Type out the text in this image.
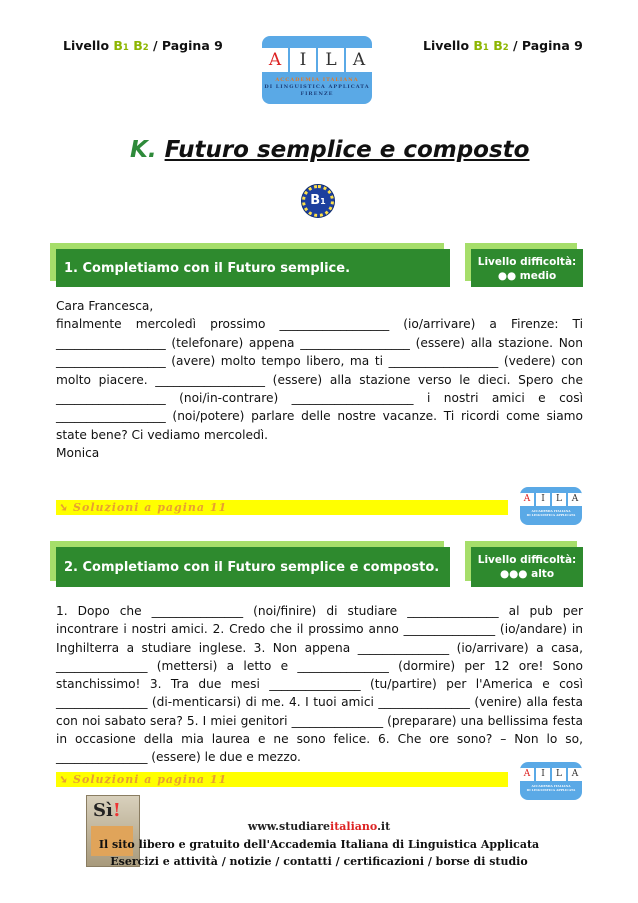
Livello B1 B2 / Pagina 9	Livello B1 B2 / Pagina 9
A	I	L A
ACCADEMIA ITALIANA
DI LINGUISTICA APPLICATA
FIRENZE
K. Futuro semplice e composto
B1
1. Completiamo con il Futuro semplice.	Livello difficoltà:
●● medio

Cara Francesca,
finalmente mercoledì prossimo __________________ (io/arrivare) a Firenze: Ti __________________ (telefonare) appena __________________ (essere) alla stazione. Non __________________ (avere) molto tempo libero, ma ti __________________ (vedere) con molto piacere. __________________ (essere) alla stazione verso le dieci. Spero che __________________ (noi/in-contrare) ____________________ i nostri amici e così __________________ (noi/potere) parlare delle nostre vacanze. Ti ricordi come siamo state bene? Ci vediamo mercoledì.
Monica

➘ Soluzioni a pagina 11
A	I	L	A
ACCADEMIA ITALIANA
DI LINGUISTICA APPLICATA
2. Completiamo con il Futuro semplice e composto.	Livello difficoltà:
●●● alto

1. Dopo che _______________ (noi/finire) di studiare _______________ al pub per incontrare i nostri amici. 2. Credo che il prossimo anno _______________ (io/andare) in Inghilterra a studiare inglese. 3. Non appena _______________ (io/arrivare) a casa, _______________ (mettersi) a letto e _______________ (dormire) per 12 ore! Sono stanchissimo! 3. Tra due mesi _______________ (tu/partire) per l'America e così _______________ (di-menticarsi) di me. 4. I tuoi amici _______________ (venire) alla festa con noi sabato sera? 5. I miei genitori _______________ (preparare) una bellissima festa in occasione della mia laurea e ne sono felice. 6. Che ore sono? – Non lo so, _______________ (essere) le due e mezzo.

➘ Soluzioni a pagina 11	A	I	L	A
ACCADEMIA ITALIANA
DI LINGUISTICA APPLICATA
Sì!
www.studiareitaliano.it
Il sito libero e gratuito dell'Accademia Italiana di Linguistica Applicata
Esercizi e attività / notizie / contatti / certificazioni / borse di studio
